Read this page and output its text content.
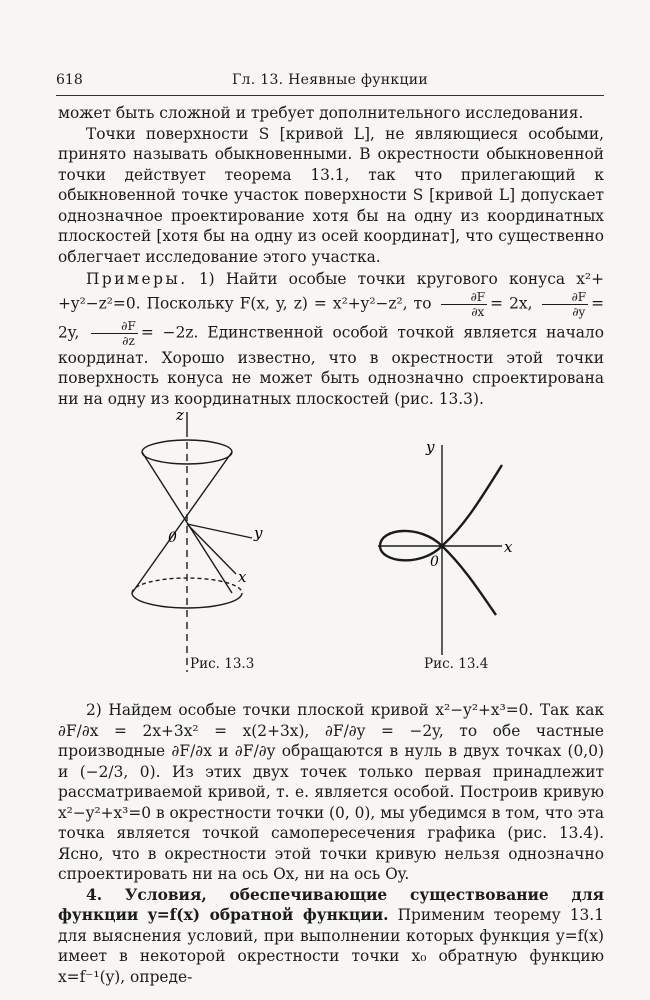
618	Гл. 13. Неявные функции

может быть сложной и требует дополнительного исследования.

Точки поверхности S [кривой L], не являющиеся особыми, принято называть обыкновенными. В окрестности обыкновенной точки действует теорема 13.1, так что прилегающий к обыкновенной точке участок поверхности S [кривой L] допускает однозначное проектирование хотя бы на одну из координатных плоскостей [хотя бы на одну из осей координат], что существенно облегчает исследование этого участка.

Примеры. 1) Найти особые точки кругового конуса x²+ +y²−z²=0. Поскольку F(x, y, z) = x²+y²−z², то $\frac{\partial F}{\partial x} = 2x$, $\frac{\partial F}{\partial y} = 2y$, $\frac{\partial F}{\partial z} = -2z$. Единственной особой точкой является начало координат. Хорошо известно, что в окрестности этой точки поверхность конуса не может быть однозначно спроектирована ни на одну из координатных плоскостей (рис. 13.3).

z
y
x
0
y
x
0
Рис. 13.3	Рис. 13.4

2) Найдем особые точки плоской кривой x²−y²+x³=0. Так как ∂F/∂x = 2x+3x² = x(2+3x), ∂F/∂y = −2y, то обе частные производные ∂F/∂x и ∂F/∂y обращаются в нуль в двух точках (0,0) и (−2/3, 0). Из этих двух точек только первая принадлежит рассматриваемой кривой, т. е. является особой. Построив кривую x²−y²+x³=0 в окрестности точки (0, 0), мы убедимся в том, что эта точка является точкой самопересечения графика (рис. 13.4). Ясно, что в окрестности этой точки кривую нельзя однозначно спроектировать ни на ось Ox, ни на ось Oy.

4. Условия, обеспечивающие существование для функции y=f(x) обратной функции. Применим теорему 13.1 для выяснения условий, при выполнении которых функция y=f(x) имеет в некоторой окрестности точки x₀ обратную функцию x=f⁻¹(y), опреде-
